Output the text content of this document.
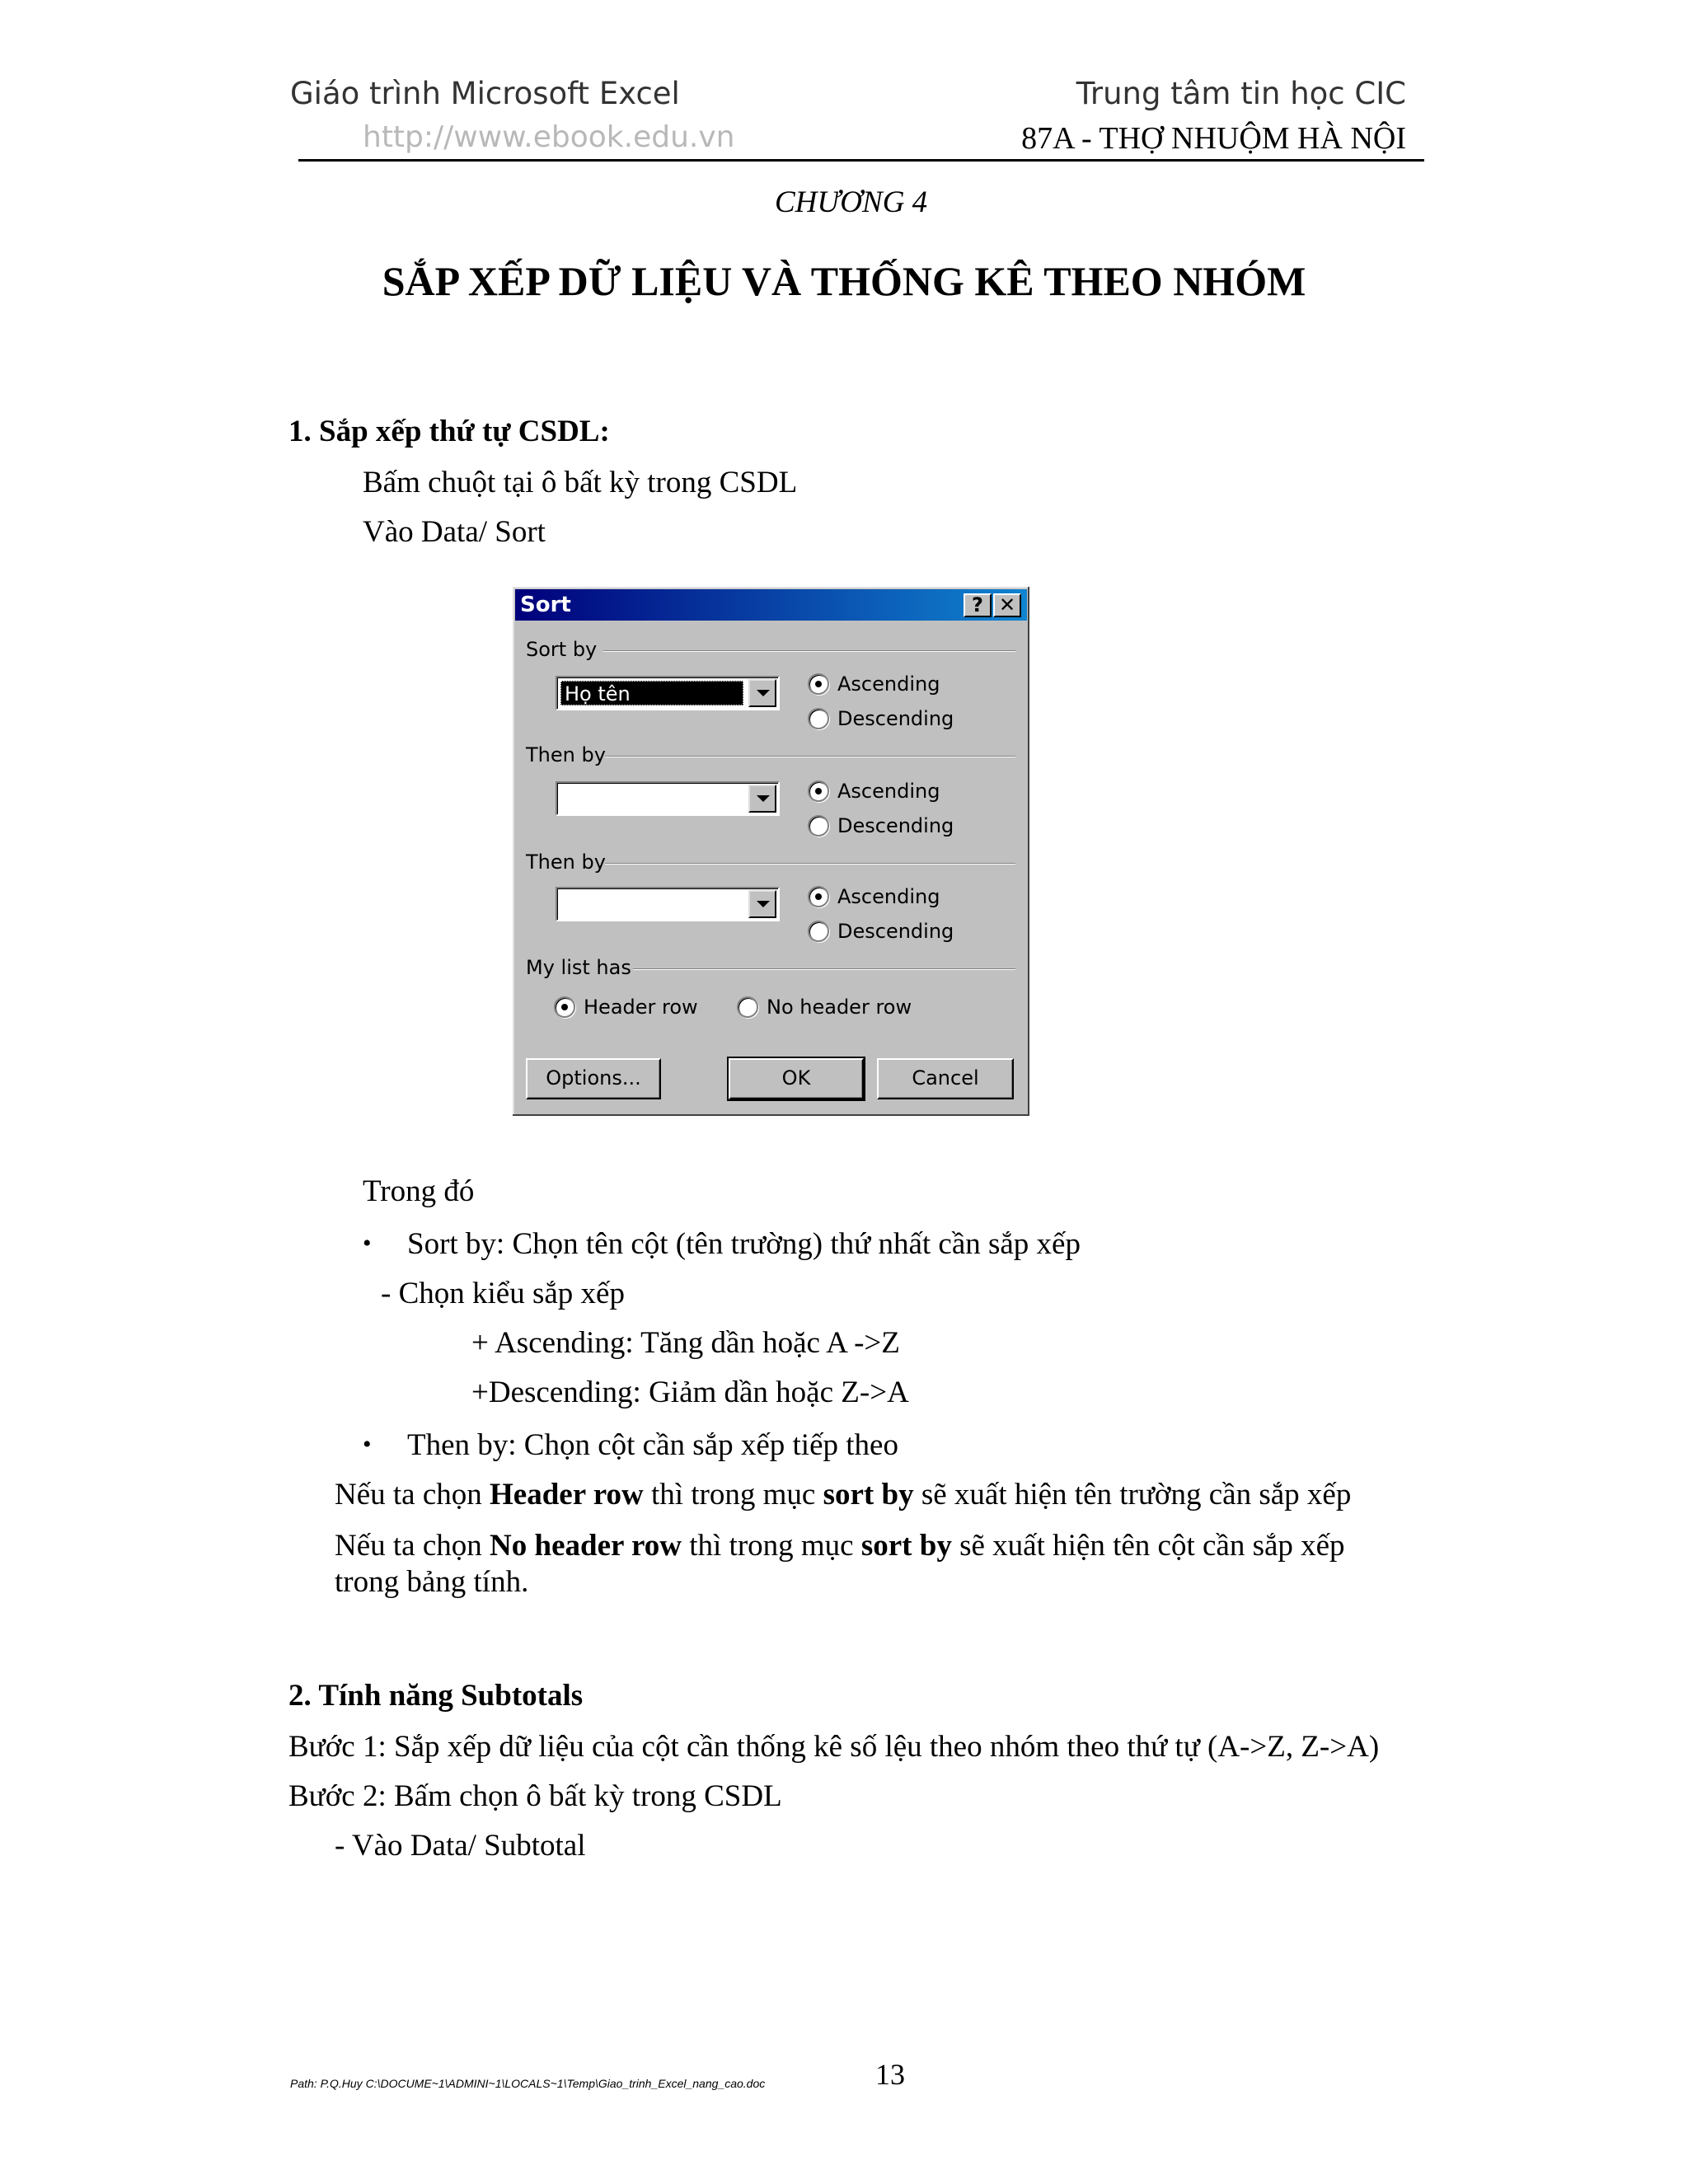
Giáo trình Microsoft Excel
http://www.ebook.edu.vn
Trung tâm tin học CIC
87A - THỢ NHUỘM HÀ NỘI
CHƯƠNG 4
SẮP XẾP DỮ LIỆU VÀ THỐNG KÊ THEO NHÓM
1. Sắp xếp thứ tự CSDL:
Bấm chuột tại ô bất kỳ trong CSDL
Vào Data/ Sort
Sort	? ✕
Sort by
Họ tên	Ascending
Descending
Then by
Ascending
Descending
Then by
Ascending
Descending
My list has
Header row	No header row
Options...	OK	Cancel
Trong đó
• Sort by: Chọn tên cột (tên trường) thứ nhất cần sắp xếp
- Chọn kiểu sắp xếp
+ Ascending: Tăng dần hoặc A ->Z
+Descending: Giảm dần hoặc Z->A
• Then by: Chọn cột cần sắp xếp tiếp theo
Nếu ta chọn Header row thì trong mục sort by sẽ xuất hiện tên trường cần sắp xếp
Nếu ta chọn No header row thì trong mục sort by sẽ xuất hiện tên cột cần sắp xếp
trong bảng tính.
2. Tính năng Subtotals
Bước 1: Sắp xếp dữ liệu của cột cần thống kê số lệu theo nhóm theo thứ tự (A->Z, Z->A)
Bước 2: Bấm chọn ô bất kỳ trong CSDL
- Vào Data/ Subtotal
Path: P.Q.Huy C:\DOCUME~1\ADMINI~1\LOCALS~1\Temp\Giao_trinh_Excel_nang_cao.doc	13
